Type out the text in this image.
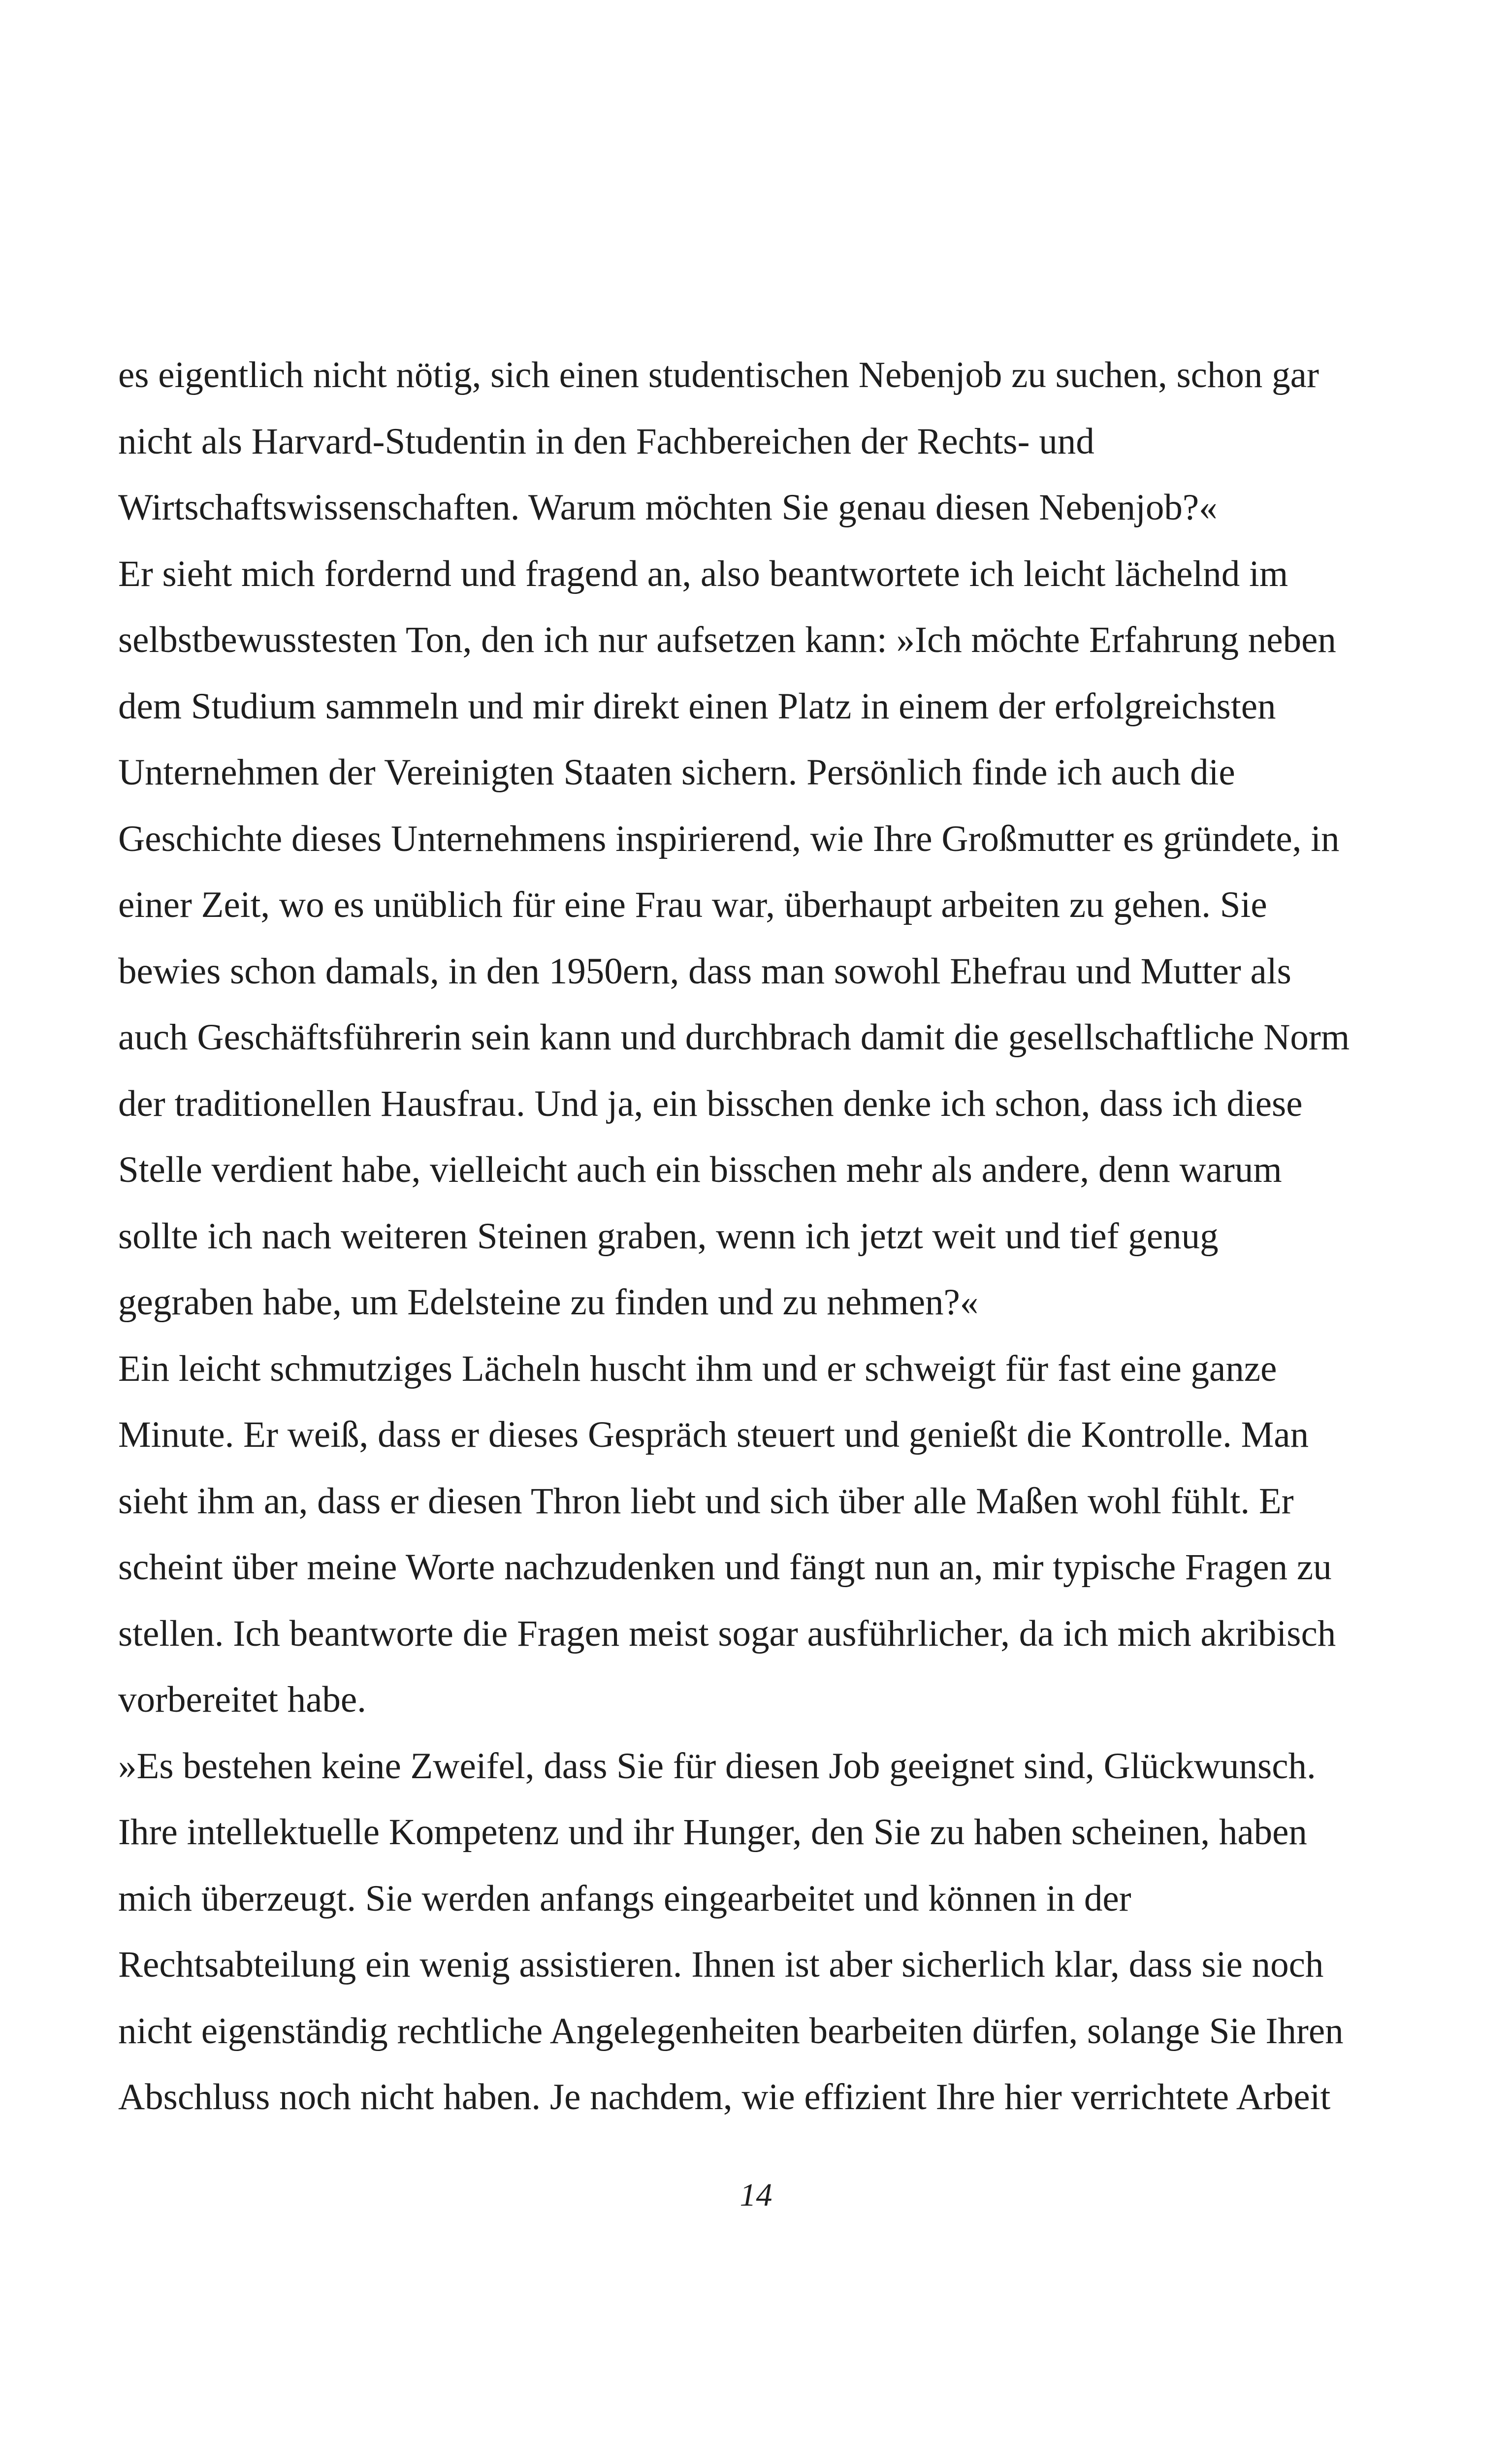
es eigentlich nicht nötig, sich einen studentischen Nebenjob zu suchen, schon gar
nicht als Harvard-Studentin in den Fachbereichen der Rechts- und
Wirtschaftswissenschaften. Warum möchten Sie genau diesen Nebenjob?«
Er sieht mich fordernd und fragend an, also beantwortete ich leicht lächelnd im
selbstbewusstesten Ton, den ich nur aufsetzen kann: »Ich möchte Erfahrung neben
dem Studium sammeln und mir direkt einen Platz in einem der erfolgreichsten
Unternehmen der Vereinigten Staaten sichern. Persönlich finde ich auch die
Geschichte dieses Unternehmens inspirierend, wie Ihre Großmutter es gründete, in
einer Zeit, wo es unüblich für eine Frau war, überhaupt arbeiten zu gehen. Sie
bewies schon damals, in den 1950ern, dass man sowohl Ehefrau und Mutter als
auch Geschäftsführerin sein kann und durchbrach damit die gesellschaftliche Norm
der traditionellen Hausfrau. Und ja, ein bisschen denke ich schon, dass ich diese
Stelle verdient habe, vielleicht auch ein bisschen mehr als andere, denn warum
sollte ich nach weiteren Steinen graben, wenn ich jetzt weit und tief genug
gegraben habe, um Edelsteine zu finden und zu nehmen?«
Ein leicht schmutziges Lächeln huscht ihm und er schweigt für fast eine ganze
Minute. Er weiß, dass er dieses Gespräch steuert und genießt die Kontrolle. Man
sieht ihm an, dass er diesen Thron liebt und sich über alle Maßen wohl fühlt. Er
scheint über meine Worte nachzudenken und fängt nun an, mir typische Fragen zu
stellen. Ich beantworte die Fragen meist sogar ausführlicher, da ich mich akribisch
vorbereitet habe.
»Es bestehen keine Zweifel, dass Sie für diesen Job geeignet sind, Glückwunsch.
Ihre intellektuelle Kompetenz und ihr Hunger, den Sie zu haben scheinen, haben
mich überzeugt. Sie werden anfangs eingearbeitet und können in der
Rechtsabteilung ein wenig assistieren. Ihnen ist aber sicherlich klar, dass sie noch
nicht eigenständig rechtliche Angelegenheiten bearbeiten dürfen, solange Sie Ihren
Abschluss noch nicht haben. Je nachdem, wie effizient Ihre hier verrichtete Arbeit
14
